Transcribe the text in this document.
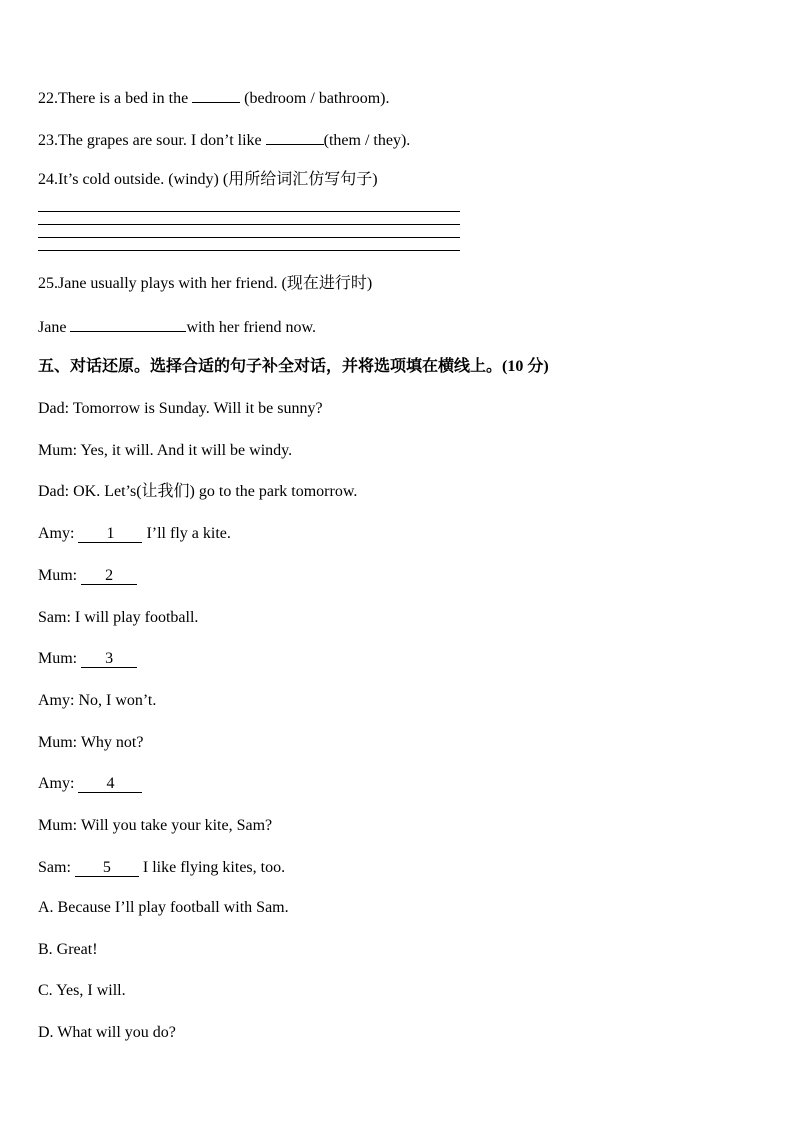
22.There is a bed in the	(bedroom / bathroom).
23.The grapes are sour. I don’t like	(them / they).
24.It’s cold outside. (windy) (用所给词汇仿写句子)
25.Jane usually plays with her friend. (现在进行时)
Jane	with her friend now.
五、对话还原。选择合适的句子补全对话，并将选项填在横线上。(10 分)
Dad: Tomorrow is Sunday. Will it be sunny?
Mum: Yes, it will. And it will be windy.
Dad: OK. Let’s(让我们) go to the park tomorrow.
Amy: 1 I’ll fly a kite.
Mum: 2
Sam: I will play football.
Mum: 3
Amy: No, I won’t.
Mum: Why not?
Amy: 4
Mum: Will you take your kite, Sam?
Sam: 5 I like flying kites, too.
A. Because I’ll play football with Sam.
B. Great!
C. Yes, I will.
D. What will you do?
